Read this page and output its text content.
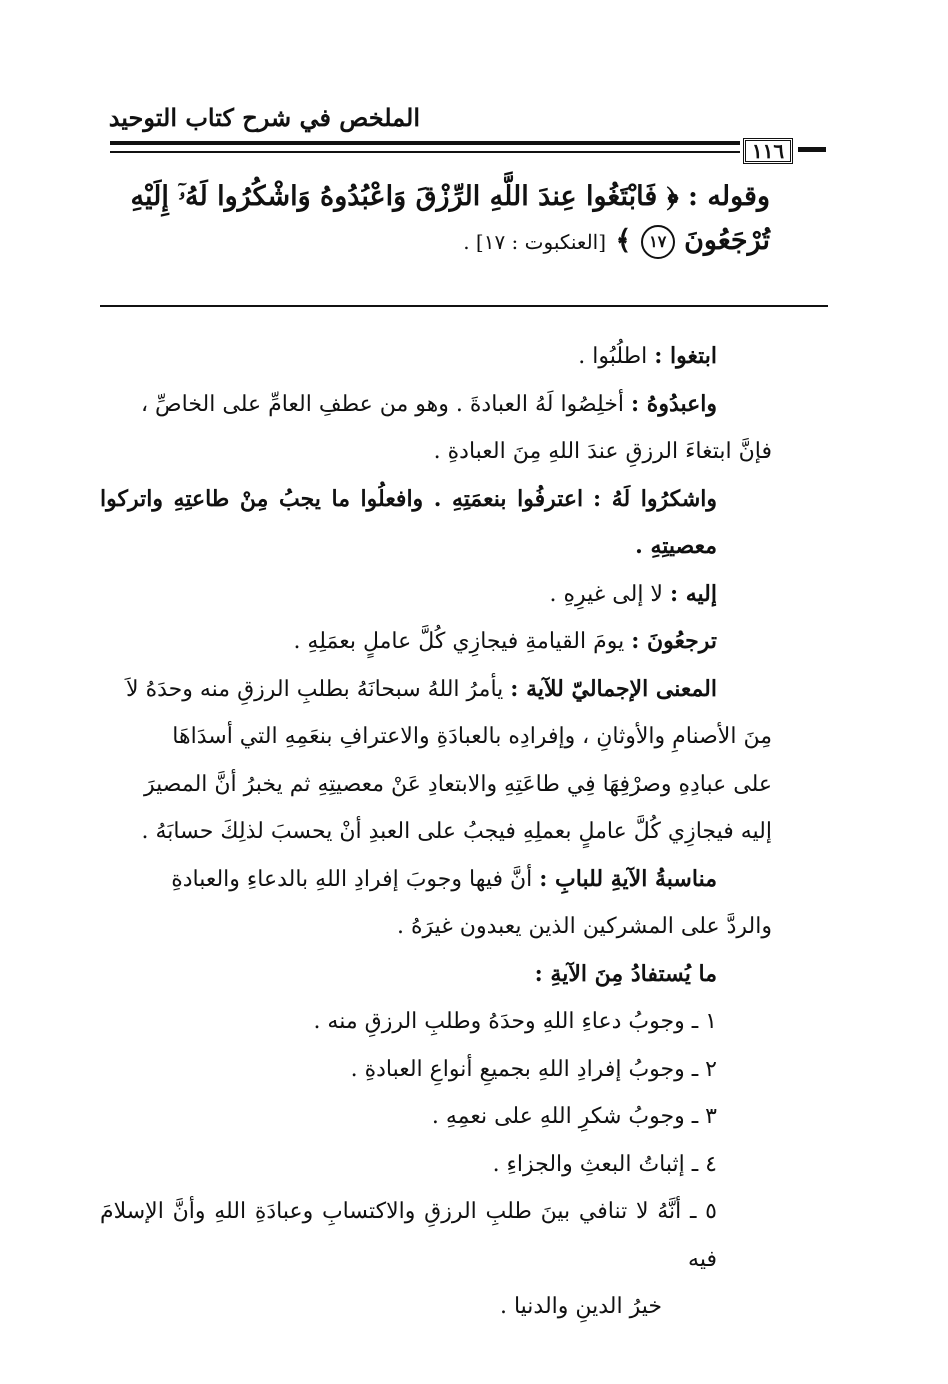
الملخص في شرح كتاب التوحيد
١١٦
وقوله : ﴿ فَابْتَغُوا عِندَ اللَّهِ الرِّزْقَ وَاعْبُدُوهُ وَاشْكُرُوا لَهُۥٓ إِلَيْهِ
تُرْجَعُونَ ١٧ ﴾ [العنكبوت : ١٧] .

ابتغوا : اطلُبُوا .

واعبدُوهُ : أخلِصُوا لَهُ العبادةَ . وهو من عطفِ العامِّ على الخاصِّ ،

فإنَّ ابتغاءَ الرزقِ عندَ اللهِ مِنَ العبادةِ .

واشكرُوا لَهُ : اعترفُوا بنعمَتِهِ . وافعلُوا ما يجبُ مِنْ طاعتِهِ واتركوا معصيتِهِ .

إليه : لا إلى غيرِهِ .

ترجعُونَ : يومَ القيامةِ فيجازِي كُلَّ عاملٍ بعمَلِهِ .

المعنى الإجماليّ للآية : يأمرُ اللهُ سبحانَهُ بطلبِ الرزقِ منه وحدَهُ لاَ

مِنَ الأصنامِ والأوثانِ ، وإفرادِه بالعبادَةِ والاعترافِ بنعَمِهِ التي أسدَاهَا

على عبادِهِ وصرْفِهَا فِي طاعَتِهِ والابتعادِ عَنْ معصيتِهِ ثم يخبرُ أنَّ المصيرَ

إليه فيجازِي كُلَّ عاملٍ بعملِهِ فيجبُ على العبدِ أنْ يحسبَ لذلِكَ حسابَهُ .

مناسبةُ الآيةِ للبابِ : أنَّ فيها وجوبَ إفرادِ اللهِ بالدعاءِ والعبادةِ

والردَّ على المشركين الذين يعبدون غيرَهُ .

ما يُستفادُ مِنَ الآيةِ :

١ ـ وجوبُ دعاءِ اللهِ وحدَهُ وطلبِ الرزقِ منه .

٢ ـ وجوبُ إفرادِ اللهِ بجميعِ أنواعِ العبادةِ .

٣ ـ وجوبُ شكرِ اللهِ على نعمِهِ .

٤ ـ إثباتُ البعثِ والجزاءِ .

٥ ـ أنَّهُ لا تنافي بينَ طلبِ الرزقِ والاكتسابِ وعبادَةِ اللهِ وأنَّ الإسلامَ فيه

خيرُ الدينِ والدنيا .
